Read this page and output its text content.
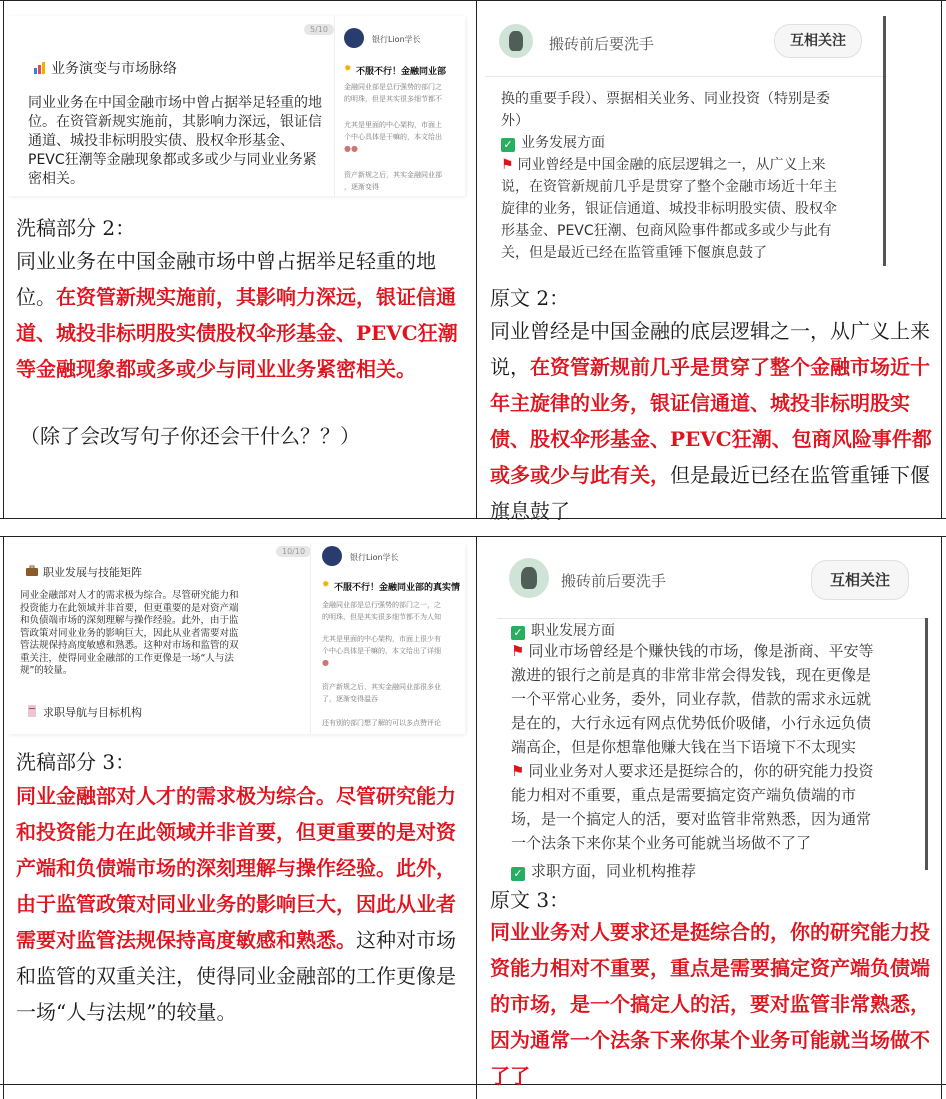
5/10
业务演变与市场脉络
同业业务在中国金融市场中曾占据举足轻重的地位。在资管新规实施前，其影响力深远，银证信通道、城投非标明股实债、股权伞形基金、PEVC狂潮等金融现象都或多或少与同业业务紧密相关。
银行Lion学长
✹ 不服不行！金融同业部
金融同业部是总行强势的部门之
的明珠，但是其实很多细节都不
尤其是里面的中心架构，市面上
个中心具体是干嘛的，本文给出
●●
资产新规之后，其实金融同业部
，逐渐变得
搬砖前后要洗手	互相关注
换的重要手段）、票据相关业务、同业投资（特别是委
外）
✓ 业务发展方面
⚑ 同业曾经是中国金融的底层逻辑之一，从广义上来
说，在资管新规前几乎是贯穿了整个金融市场近十年主
旋律的业务，银证信通道、城投非标明股实债、股权伞
形基金、PEVC狂潮、包商风险事件都或多或少与此有
关，但是最近已经在监管重锤下偃旗息鼓了
洗稿部分 2：

同业业务在中国金融市场中曾占据举足轻重的地位。在资管新规实施前，其影响力深远，银证信通道、城投非标明股实债股权伞形基金、PEVC狂潮等金融现象都或多或少与同业业务紧密相关。

（除了会改写句子你还会干什么？？）
原文 2：

同业曾经是中国金融的底层逻辑之一，从广义上来说，在资管新规前几乎是贯穿了整个金融市场近十年主旋律的业务，银证信通道、城投非标明股实债、股权伞形基金、PEVC狂潮、包商风险事件都或多或少与此有关，但是最近已经在监管重锤下偃旗息鼓了

10/10
职业发展与技能矩阵
同业金融部对人才的需求极为综合。尽管研究能力和
投资能力在此领域并非首要，但更重要的是对资产端
和负债端市场的深刻理解与操作经验。此外，由于监
管政策对同业业务的影响巨大，因此从业者需要对监
管法规保持高度敏感和熟悉。这种对市场和监管的双
重关注，使得同业金融部的工作更像是一场“人与法
规”的较量。
求职导航与目标机构
银行Lion学长
✹ 不服不行！金融同业部的真实情
金融同业部是总行强势的部门之一，之
的明珠，但是其实很多细节都不为人知
尤其是里面的中心架构，市面上很少有
个中心具体是干嘛的，本文给出了详细
●
资产新规之后，其实金融同业部很多业
了，逐渐变得温吞
还有别的部门想了解的可以多点赞评论
搬砖前后要洗手	互相关注
✓ 职业发展方面
⚑ 同业市场曾经是个赚快钱的市场，像是浙商、平安等
激进的银行之前是真的非常非常会得发钱，现在更像是
一个平常心业务，委外，同业存款，借款的需求永远就
是在的，大行永远有网点优势低价吸储，小行永远负债
端高企，但是你想靠他赚大钱在当下语境下不太现实
⚑ 同业业务对人要求还是挺综合的，你的研究能力投资
能力相对不重要，重点是需要搞定资产端负债端的市
场，是一个搞定人的活，要对监管非常熟悉，因为通常
一个法条下来你某个业务可能就当场做不了了
✓ 求职方面，同业机构推荐
洗稿部分 3：

同业金融部对人才的需求极为综合。尽管研究能力和投资能力在此领域并非首要，但更重要的是对资产端和负债端市场的深刻理解与操作经验。此外，由于监管政策对同业业务的影响巨大，因此从业者需要对监管法规保持高度敏感和熟悉。这种对市场和监管的双重关注，使得同业金融部的工作更像是一场“人与法规”的较量。

原文 3：

同业业务对人要求还是挺综合的，你的研究能力投资能力相对不重要，重点是需要搞定资产端负债端的市场，是一个搞定人的活，要对监管非常熟悉，因为通常一个法条下来你某个业务可能就当场做不了了
